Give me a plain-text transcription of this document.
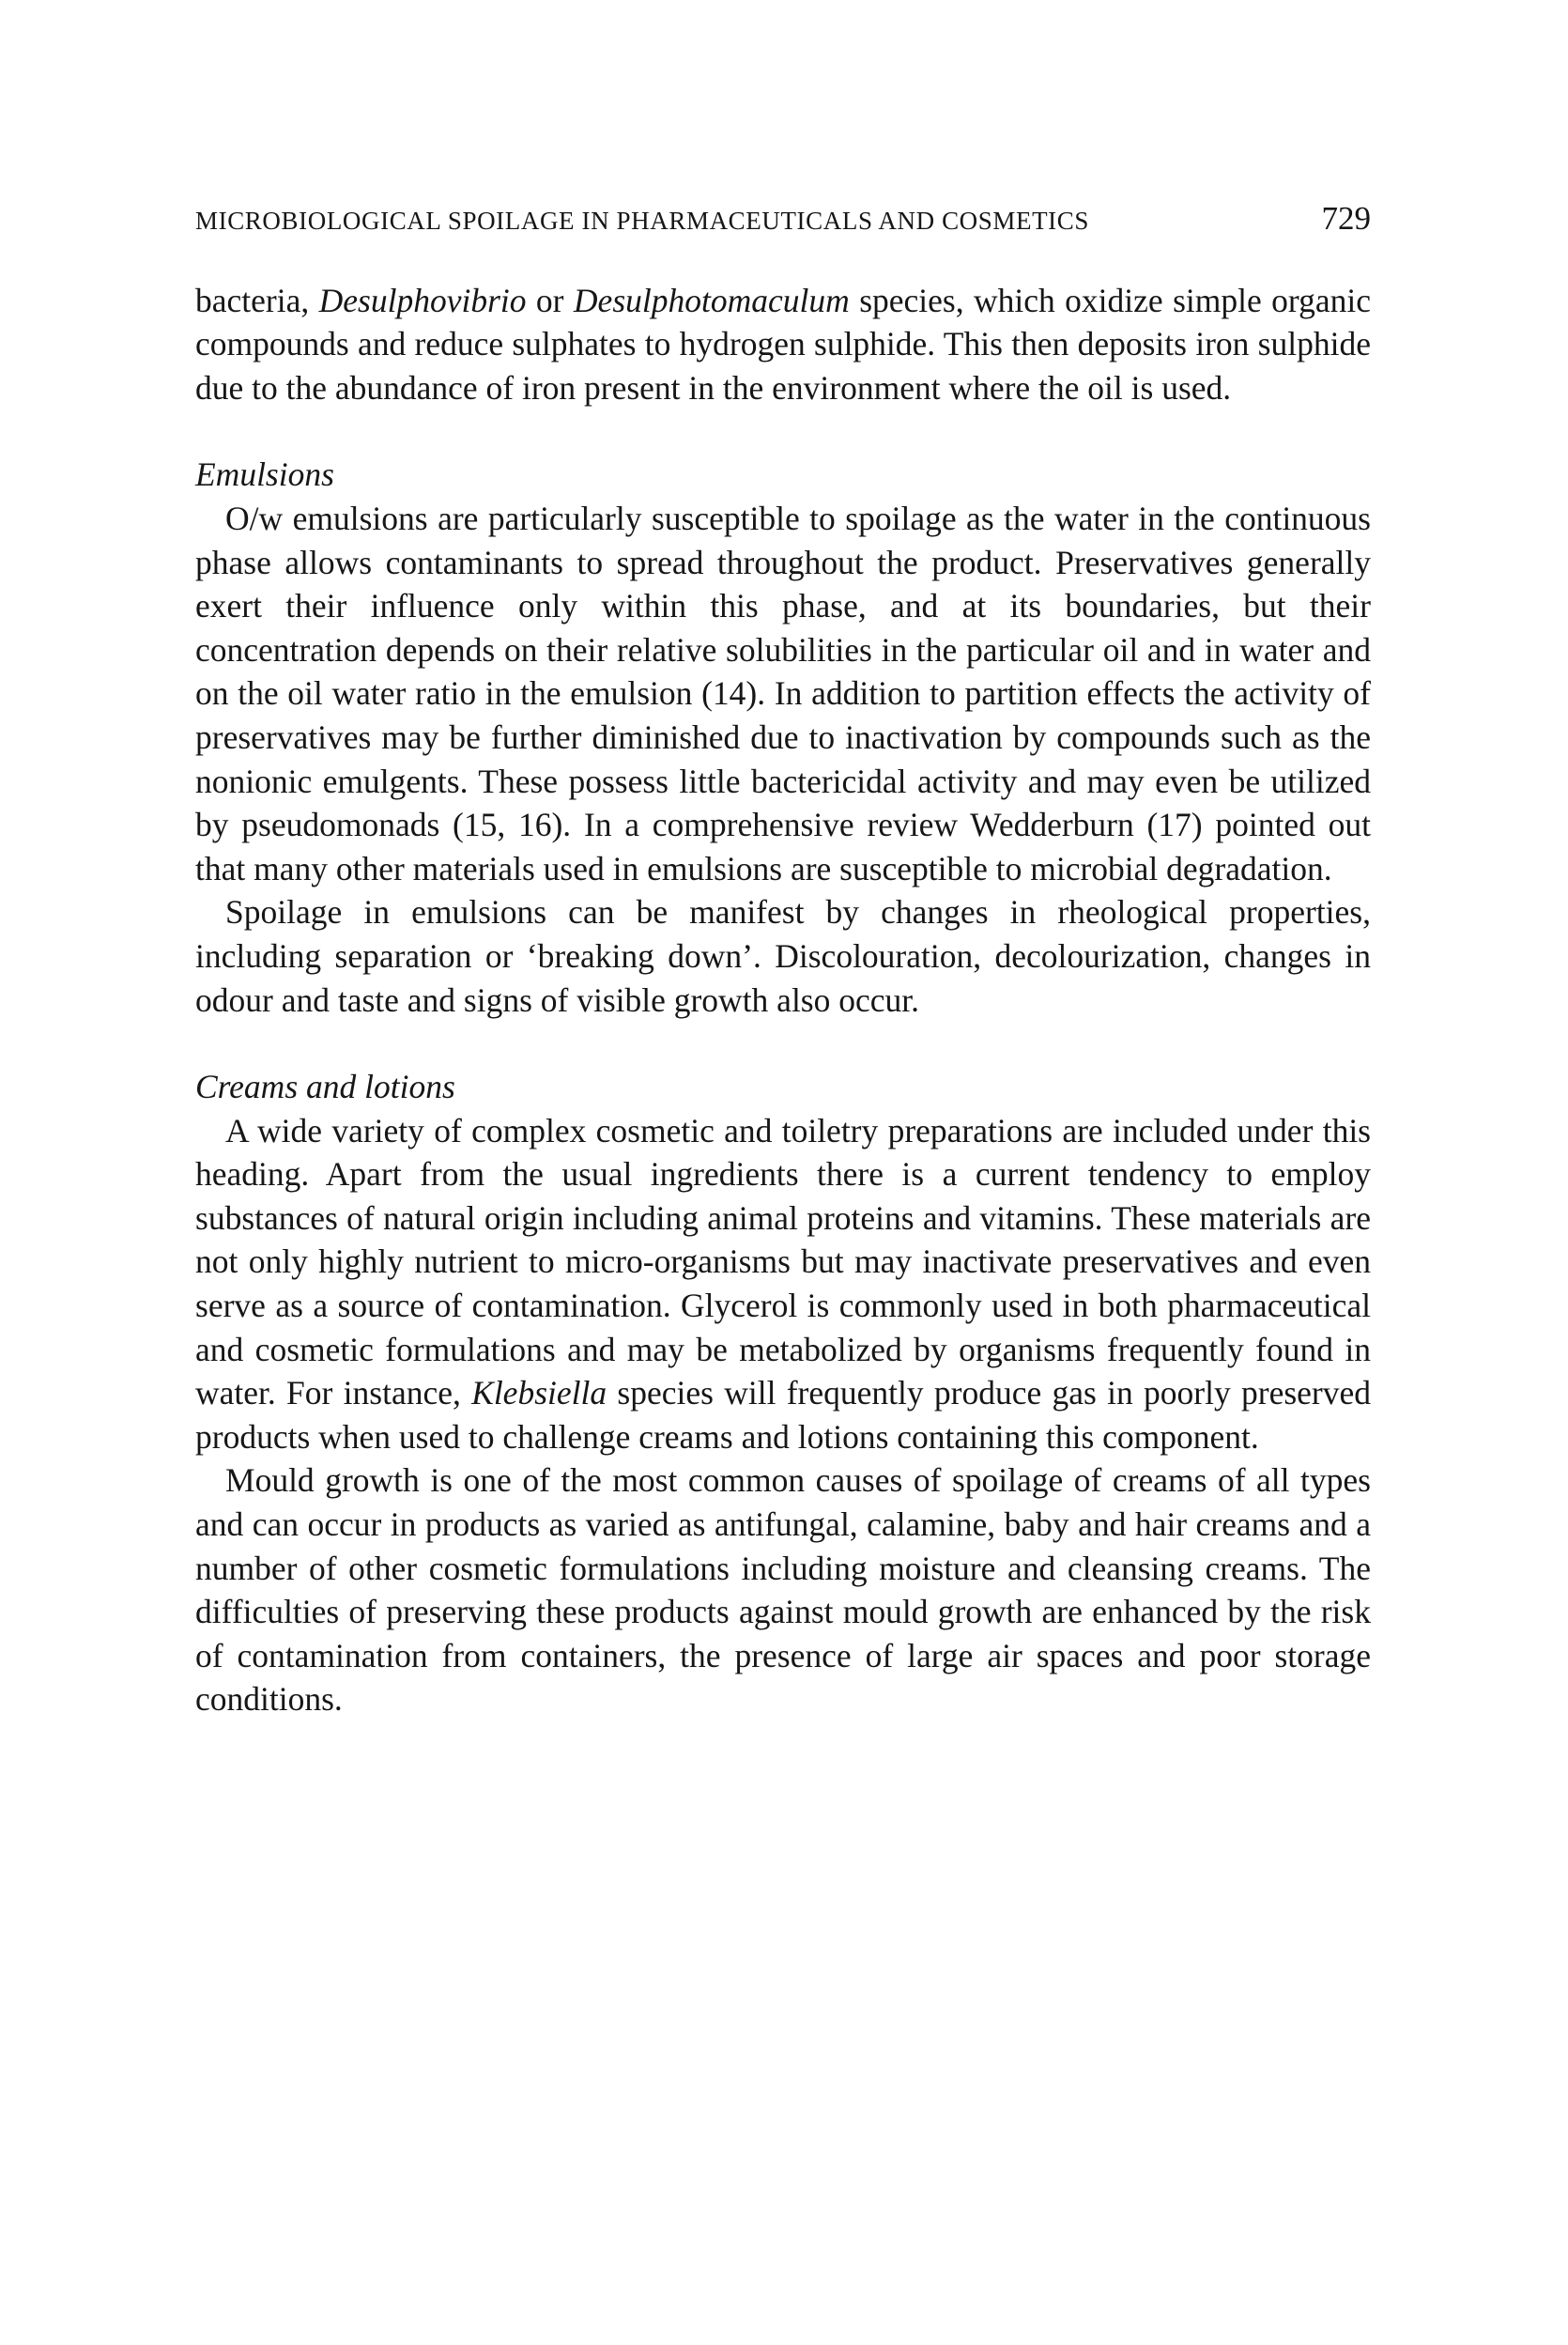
MICROBIOLOGICAL SPOILAGE IN PHARMACEUTICALS AND COSMETICS	729

bacteria, Desulphovibrio or Desulphotomaculum species, which oxidize simple organic compounds and reduce sulphates to hydrogen sulphide. This then deposits iron sulphide due to the abundance of iron present in the environment where the oil is used.

Emulsions

O/w emulsions are particularly susceptible to spoilage as the water in the continuous phase allows contaminants to spread throughout the product. Preservatives generally exert their influence only within this phase, and at its boundaries, but their concentration depends on their relative solubilities in the particular oil and in water and on the oil water ratio in the emulsion (14). In addition to partition effects the activity of preservatives may be further diminished due to inactivation by compounds such as the nonionic emulgents. These possess little bactericidal activity and may even be utilized by pseudomonads (15, 16). In a comprehensive review Wedderburn (17) pointed out that many other materials used in emulsions are susceptible to microbial degradation.

Spoilage in emulsions can be manifest by changes in rheological properties, including separation or ‘breaking down’. Discolouration, decolourization, changes in odour and taste and signs of visible growth also occur.

Creams and lotions

A wide variety of complex cosmetic and toiletry preparations are included under this heading. Apart from the usual ingredients there is a current tendency to employ substances of natural origin including animal proteins and vitamins. These materials are not only highly nutrient to micro-organisms but may inactivate preservatives and even serve as a source of contamination. Glycerol is commonly used in both pharmaceutical and cosmetic formulations and may be metabolized by organisms frequently found in water. For instance, Klebsiella species will frequently produce gas in poorly preserved products when used to challenge creams and lotions containing this component.

Mould growth is one of the most common causes of spoilage of creams of all types and can occur in products as varied as antifungal, calamine, baby and hair creams and a number of other cosmetic formulations including moisture and cleansing creams. The difficulties of preserving these products against mould growth are enhanced by the risk of contamination from containers, the presence of large air spaces and poor storage conditions.
